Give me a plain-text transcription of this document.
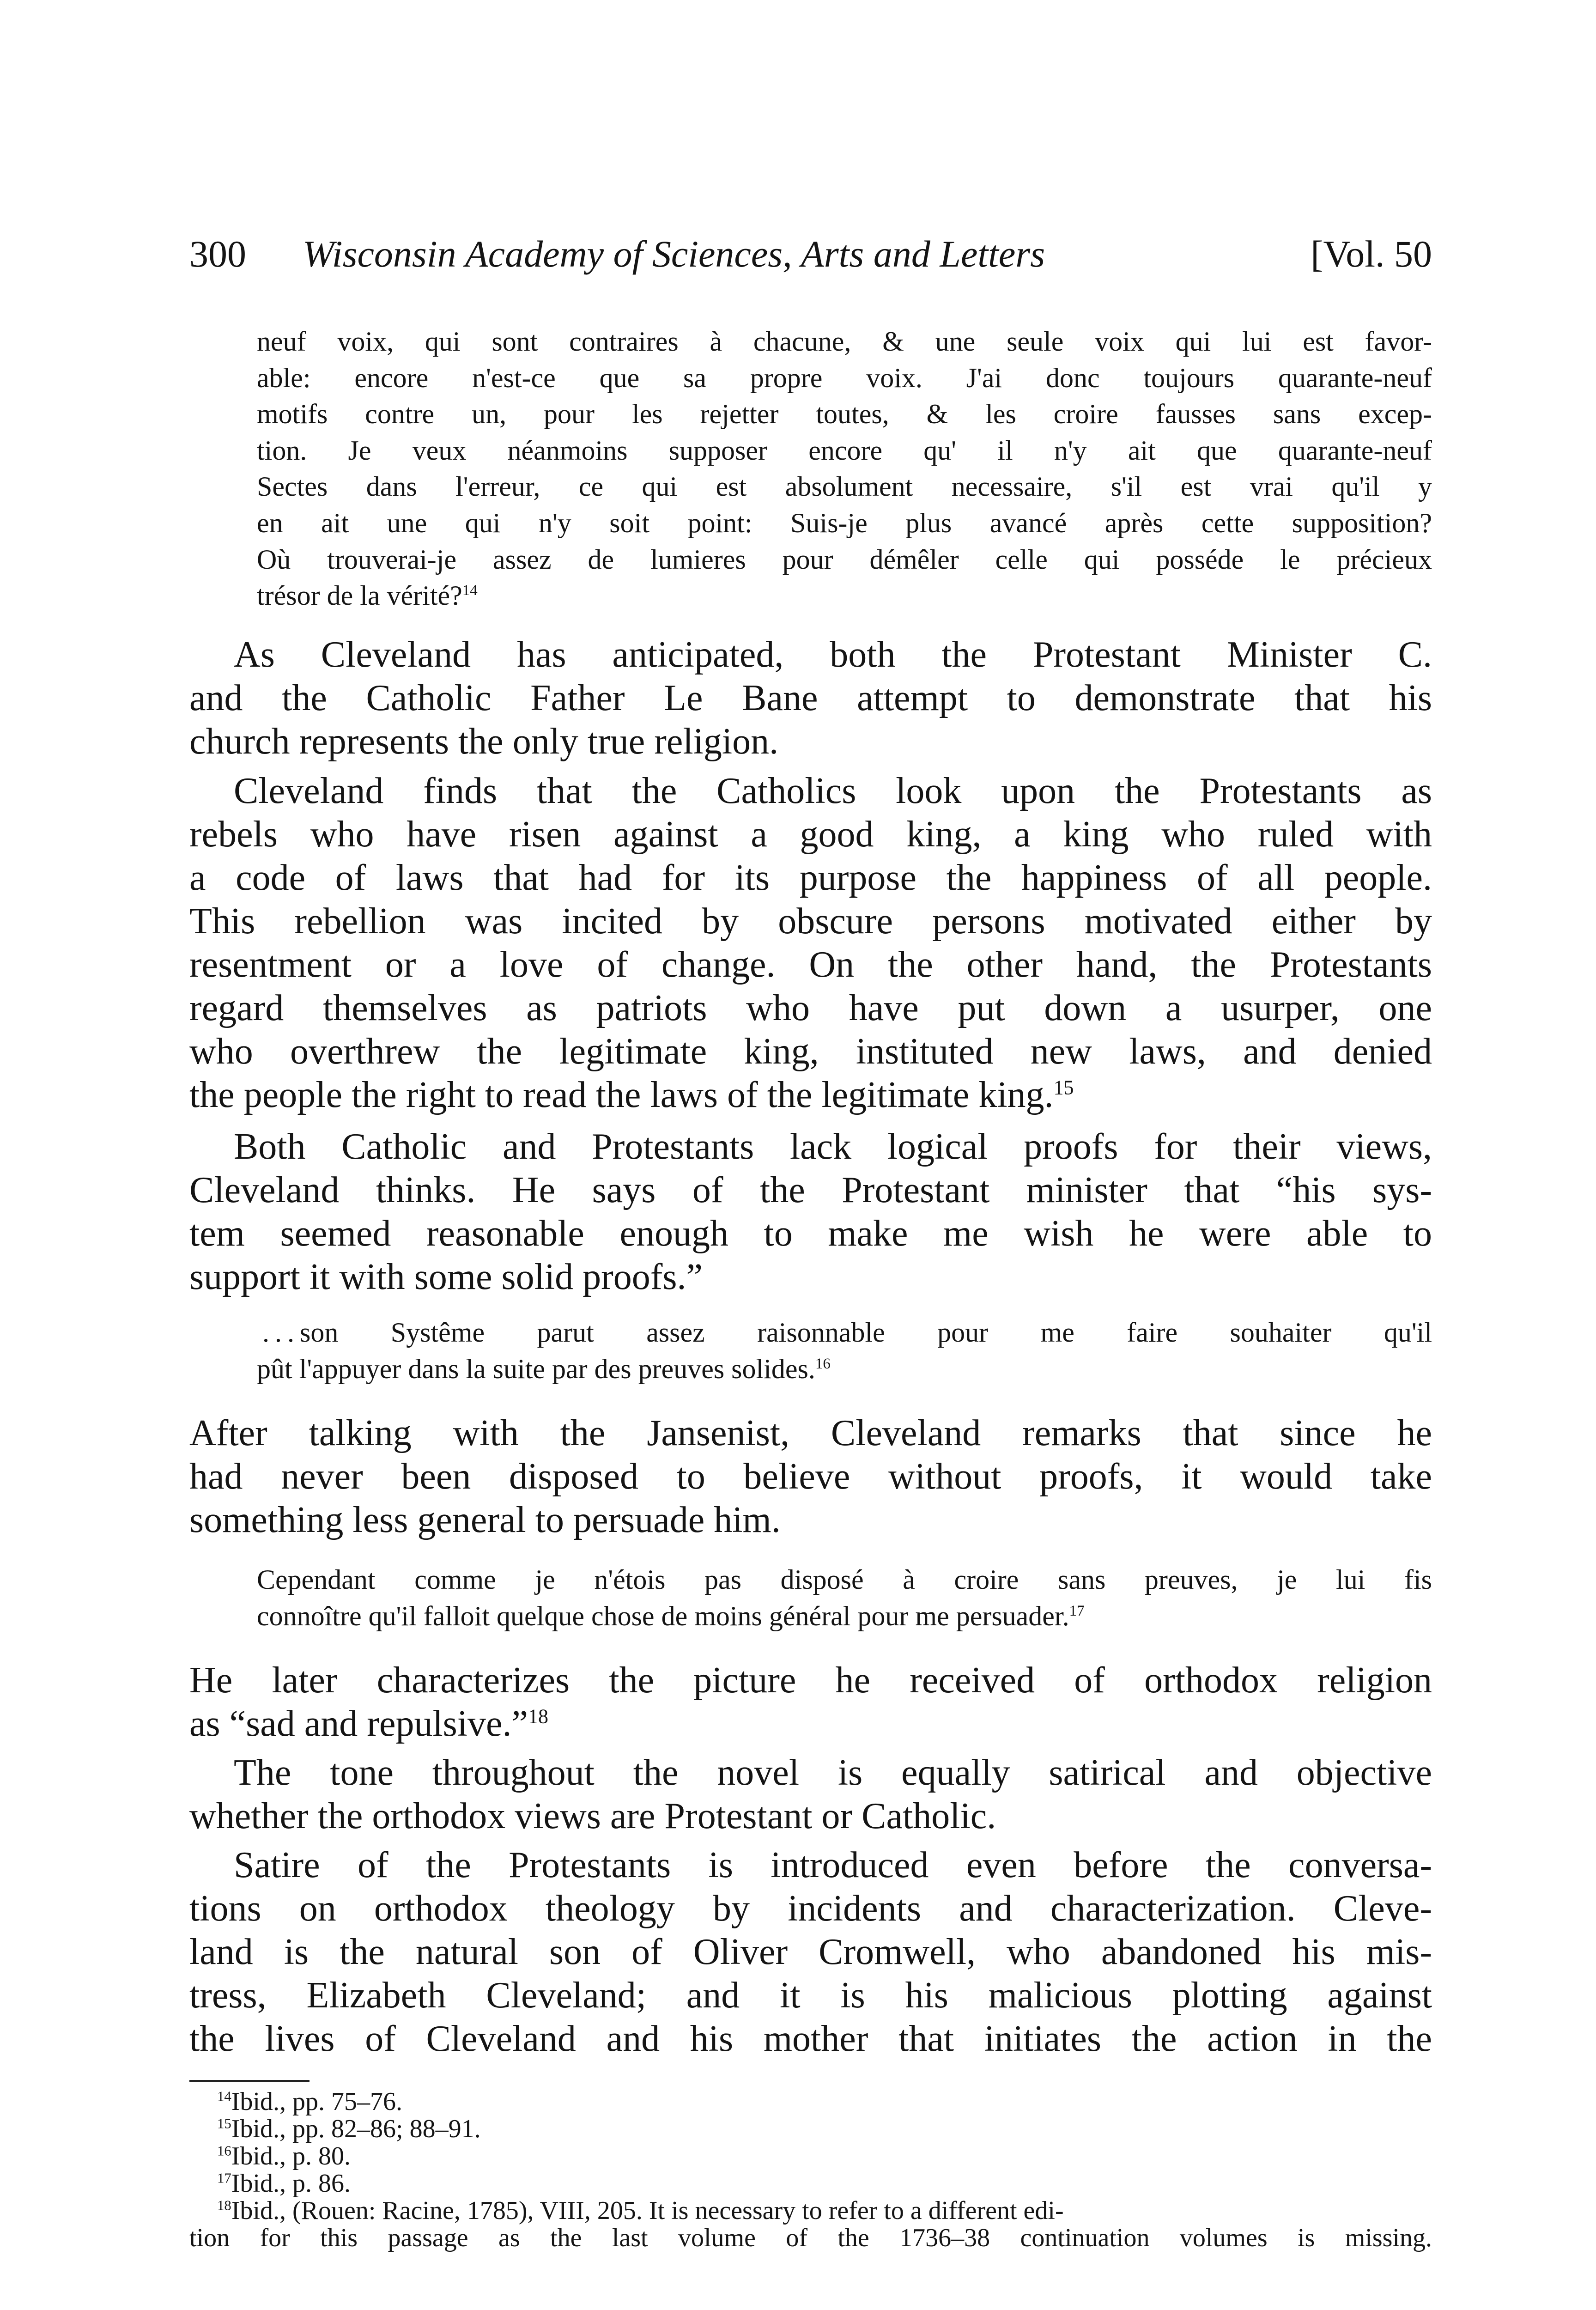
300 Wisconsin Academy of Sciences, Arts and Letters	[Vol. 50
neuf voix, qui sont contraires à chacune, & une seule voix qui lui est favor-
able: encore n'est-ce que sa propre voix. J'ai donc toujours quarante-neuf
motifs contre un, pour les rejetter toutes, & les croire fausses sans excep-
tion. Je veux néanmoins supposer encore qu' il n'y ait que quarante-neuf
Sectes dans l'erreur, ce qui est absolument necessaire, s'il est vrai qu'il y
en ait une qui n'y soit point: Suis-je plus avancé après cette supposition?
Où trouverai-je assez de lumieres pour démêler celle qui posséde le précieux
trésor de la vérité?$^{14}$
As Cleveland has anticipated, both the Protestant Minister C.
and the Catholic Father Le Bane attempt to demonstrate that his
church represents the only true religion.
Cleveland finds that the Catholics look upon the Protestants as
rebels who have risen against a good king, a king who ruled with
a code of laws that had for its purpose the happiness of all people.
This rebellion was incited by obscure persons motivated either by
resentment or a love of change. On the other hand, the Protestants
regard themselves as patriots who have put down a usurper, one
who overthrew the legitimate king, instituted new laws, and denied
the people the right to read the laws of the legitimate king.$^{15}$
Both Catholic and Protestants lack logical proofs for their views,
Cleveland thinks. He says of the Protestant minister that “his sys-
tem seemed reasonable enough to make me wish he were able to
support it with some solid proofs.”
 . . . son Systême parut assez raisonnable pour me faire souhaiter qu'il
pût l'appuyer dans la suite par des preuves solides.$^{16}$
After talking with the Jansenist, Cleveland remarks that since he
had never been disposed to believe without proofs, it would take
something less general to persuade him.
Cependant comme je n'étois pas disposé à croire sans preuves, je lui fis
connoître qu'il falloit quelque chose de moins général pour me persuader.$^{17}$
He later characterizes the picture he received of orthodox religion
as “sad and repulsive.”$^{18}$
The tone throughout the novel is equally satirical and objective
whether the orthodox views are Protestant or Catholic.
Satire of the Protestants is introduced even before the conversa-
tions on orthodox theology by incidents and characterization. Cleve-
land is the natural son of Oliver Cromwell, who abandoned his mis-
tress, Elizabeth Cleveland; and it is his malicious plotting against
the lives of Cleveland and his mother that initiates the action in the
$^{14}$Ibid., pp. 75–76.
$^{15}$Ibid., pp. 82–86; 88–91.
$^{16}$Ibid., p. 80.
$^{17}$Ibid., p. 86.
$^{18}$Ibid., (Rouen: Racine, 1785), VIII, 205. It is necessary to refer to a different edi-
tion for this passage as the last volume of the 1736–38 continuation volumes is missing.
